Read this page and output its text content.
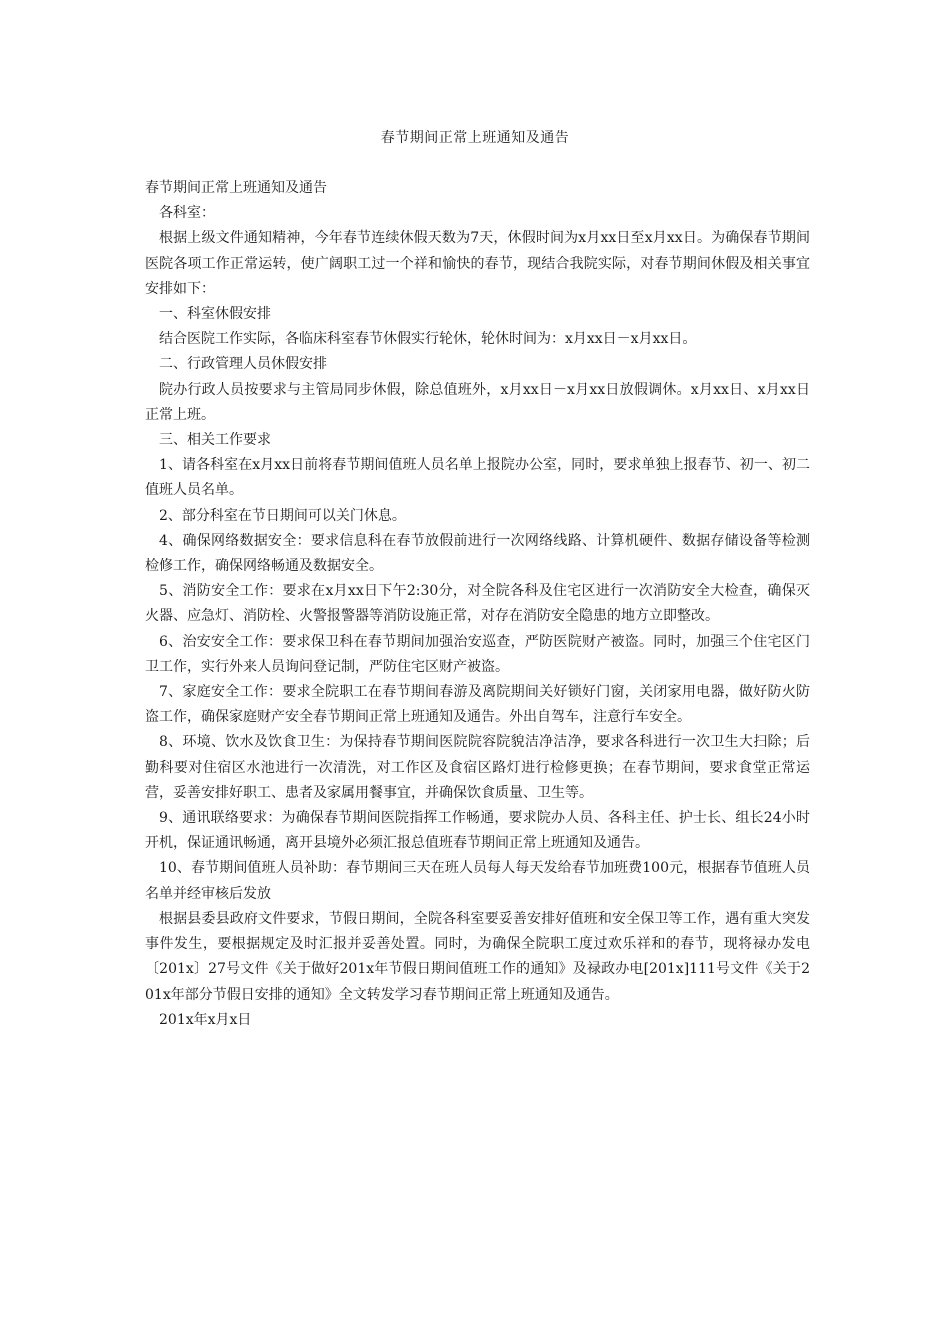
春节期间正常上班通知及通告

春节期间正常上班通知及通告

各科室：

根据上级文件通知精神，今年春节连续休假天数为7天，休假时间为x月xx日至x月xx日。为确保春节期间医院各项工作正常运转，使广阔职工过一个祥和愉快的春节，现结合我院实际，对春节期间休假及相关事宜安排如下：

一、科室休假安排

结合医院工作实际，各临床科室春节休假实行轮休，轮休时间为：x月xx日－x月xx日。

二、行政管理人员休假安排

院办行政人员按要求与主管局同步休假，除总值班外，x月xx日－x月xx日放假调休。x月xx日、x月xx日正常上班。

三、相关工作要求

1、请各科室在x月xx日前将春节期间值班人员名单上报院办公室，同时，要求单独上报春节、初一、初二值班人员名单。

2、部分科室在节日期间可以关门休息。

4、确保网络数据安全：要求信息科在春节放假前进行一次网络线路、计算机硬件、数据存储设备等检测检修工作，确保网络畅通及数据安全。

5、消防安全工作：要求在x月xx日下午2:30分，对全院各科及住宅区进行一次消防安全大检查，确保灭火器、应急灯、消防栓、火警报警器等消防设施正常，对存在消防安全隐患的地方立即整改。

6、治安安全工作：要求保卫科在春节期间加强治安巡查，严防医院财产被盗。同时，加强三个住宅区门卫工作，实行外来人员询问登记制，严防住宅区财产被盗。

7、家庭安全工作：要求全院职工在春节期间春游及离院期间关好锁好门窗，关闭家用电器，做好防火防盗工作，确保家庭财产安全春节期间正常上班通知及通告。外出自驾车，注意行车安全。

8、环境、饮水及饮食卫生：为保持春节期间医院院容院貌洁净洁净，要求各科进行一次卫生大扫除；后勤科要对住宿区水池进行一次清洗，对工作区及食宿区路灯进行检修更换；在春节期间，要求食堂正常运营，妥善安排好职工、患者及家属用餐事宜，并确保饮食质量、卫生等。

9、通讯联络要求：为确保春节期间医院指挥工作畅通，要求院办人员、各科主任、护士长、组长24小时开机，保证通讯畅通，离开县境外必须汇报总值班春节期间正常上班通知及通告。

10、春节期间值班人员补助：春节期间三天在班人员每人每天发给春节加班费100元，根据春节值班人员名单并经审核后发放

根据县委县政府文件要求，节假日期间，全院各科室要妥善安排好值班和安全保卫等工作，遇有重大突发事件发生，要根据规定及时汇报并妥善处置。同时，为确保全院职工度过欢乐祥和的春节，现将禄办发电〔201x〕27号文件《关于做好201x年节假日期间值班工作的通知》及禄政办电[201x]111号文件《关于201x年部分节假日安排的通知》全文转发学习春节期间正常上班通知及通告。

201x年x月x日
